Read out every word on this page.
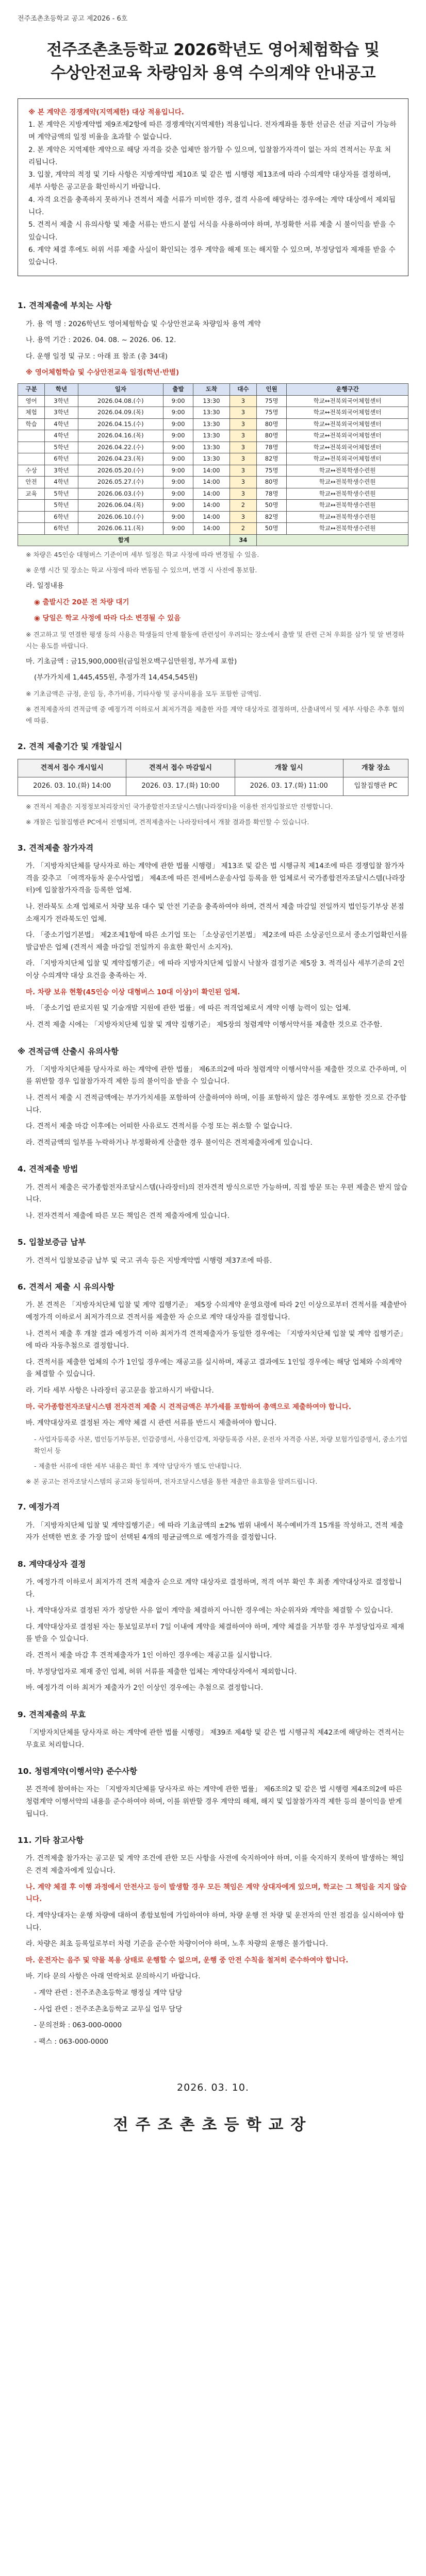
전주조촌초등학교 공고 제2026 - 6호
전주조촌초등학교 2026학년도 영어체험학습 및
수상안전교육 차량임차 용역 수의계약 안내공고
※ 본 계약은 경쟁계약(지역제한) 대상 적용입니다.
1. 본 계약은 지방계약법 제9조제2항에 따른 경쟁계약(지역제한) 적용입니다. 전자계좌를 통한 선금은 선금 지급이 가능하며 계약금액의 일정 비율을 초과할 수 없습니다.
2. 본 계약은 지역제한 계약으로 해당 자격을 갖춘 업체만 참가할 수 있으며, 입찰참가자격이 없는 자의 견적서는 무효 처리됩니다.
3. 입찰, 계약의 적정 및 기타 사항은 지방계약법 제10조 및 같은 법 시행령 제13조에 따라 수의계약 대상자를 결정하며, 세부 사항은 공고문을 확인하시기 바랍니다.
4. 자격 요건을 충족하지 못하거나 견적서 제출 서류가 미비한 경우, 결격 사유에 해당하는 경우에는 계약 대상에서 제외됩니다.
5. 견적서 제출 시 유의사항 및 제출 서류는 반드시 붙임 서식을 사용하여야 하며, 부정확한 서류 제출 시 불이익을 받을 수 있습니다.
6. 계약 체결 후에도 허위 서류 제출 사실이 확인되는 경우 계약을 해제 또는 해지할 수 있으며, 부정당업자 제재를 받을 수 있습니다.
1. 견적제출에 부치는 사항
가. 용 역 명 : 2026학년도 영어체험학습 및 수상안전교육 차량임차 용역 계약
나. 용역 기간 : 2026. 04. 08. ~ 2026. 06. 12.
다. 운행 일정 및 규모 : 아래 표 참조 (총 34대)
※ 영어체험학습 및 수상안전교육 일정(학년·반별)
구분	학년	일자	출발	도착	대수	인원	운행구간
영어	3학년	2026.04.08.(수)	9:00	13:30	3	75명	학교↔전북외국어체험센터
체험	3학년	2026.04.09.(목)	9:00	13:30	3	75명	학교↔전북외국어체험센터
학습	4학년	2026.04.15.(수)	9:00	13:30	3	80명	학교↔전북외국어체험센터
	4학년	2026.04.16.(목)	9:00	13:30	3	80명	학교↔전북외국어체험센터
	5학년	2026.04.22.(수)	9:00	13:30	3	78명	학교↔전북외국어체험센터
	6학년	2026.04.23.(목)	9:00	13:30	3	82명	학교↔전북외국어체험센터
수상	3학년	2026.05.20.(수)	9:00	14:00	3	75명	학교↔전북학생수련원
안전	4학년	2026.05.27.(수)	9:00	14:00	3	80명	학교↔전북학생수련원
교육	5학년	2026.06.03.(수)	9:00	14:00	3	78명	학교↔전북학생수련원
	5학년	2026.06.04.(목)	9:00	14:00	2	50명	학교↔전북학생수련원
	6학년	2026.06.10.(수)	9:00	14:00	3	82명	학교↔전북학생수련원
	6학년	2026.06.11.(목)	9:00	14:00	2	50명	학교↔전북학생수련원
합계					34		
※ 차량은 45인승 대형버스 기준이며 세부 일정은 학교 사정에 따라 변경될 수 있음.
※ 운행 시간 및 장소는 학교 사정에 따라 변동될 수 있으며, 변경 시 사전에 통보함.
라. 일정내용
◉ 출발시간 20분 전 차량 대기
◉ 당일은 학교 사정에 따라 다소 변경될 수 있음
※ 견고하고 및 연결한 평생 등의 사용은 학생들의 안제 활동에 관련성이 우려되는 장소에서 출발 및 관련 근처 우회를 삼가 및 알 변경하시는 용도를 바랍니다.
마. 기초금액 : 금15,900,000원(금일천오백구십만원정, 부가세 포함)
(부가가치세 1,445,455원, 추정가격 14,454,545원)
※ 기초금액은 규정, 운임 등, 추가비용, 기타사항 및 공사비용을 모두 포함한 금액임.
※ 견적제출자의 견적금액 중 예정가격 이하로서 최저가격을 제출한 자를 계약 대상자로 결정하며, 산출내역서 및 세부 사항은 추후 협의에 따름.
2. 견적 제출기간 및 개찰일시
견적서 접수 개시일시	견적서 접수 마감일시	개찰 일시	개찰 장소
2026. 03. 10.(화) 14:00	2026. 03. 17.(화) 10:00	2026. 03. 17.(화) 11:00	입찰집행관 PC
※ 견적서 제출은 지정정보처리장치인 국가종합전자조달시스템(나라장터)을 이용한 전자입찰로만 진행합니다.
※ 개찰은 입찰집행관 PC에서 진행되며, 견적제출자는 나라장터에서 개찰 결과를 확인할 수 있습니다.
3. 견적제출 참가자격
가. 「지방자치단체를 당사자로 하는 계약에 관한 법률 시행령」 제13조 및 같은 법 시행규칙 제14조에 따른 경쟁입찰 참가자격을 갖추고 「여객자동차 운수사업법」 제4조에 따른 전세버스운송사업 등록을 한 업체로서 국가종합전자조달시스템(나라장터)에 입찰참가자격을 등록한 업체.
나. 전라북도 소재 업체로서 차량 보유 대수 및 안전 기준을 충족하여야 하며, 견적서 제출 마감일 전일까지 법인등기부상 본점 소재지가 전라북도인 업체.
다. 「중소기업기본법」 제2조제1항에 따른 소기업 또는 「소상공인기본법」 제2조에 따른 소상공인으로서 중소기업확인서를 발급받은 업체 (견적서 제출 마감일 전일까지 유효한 확인서 소지자).
라. 「지방자치단체 입찰 및 계약집행기준」에 따라 지방자치단체 입찰시 낙찰자 결정기준 제5장 3. 적격심사 세부기준의 2인 이상 수의계약 대상 요건을 충족하는 자.
마. 차량 보유 현황(45인승 이상 대형버스 10대 이상)이 확인된 업체.
바. 「중소기업 판로지원 및 기술개발 지원에 관한 법률」에 따른 적격업체로서 계약 이행 능력이 있는 업체.
사. 견적 제출 시에는 「지방자치단체 입찰 및 계약 집행기준」 제5장의 청렴계약 이행서약서를 제출한 것으로 간주함.
※ 견적금액 산출시 유의사항
가. 「지방자치단체를 당사자로 하는 계약에 관한 법률」 제6조의2에 따라 청렴계약 이행서약서를 제출한 것으로 간주하며, 이를 위반할 경우 입찰참가자격 제한 등의 불이익을 받을 수 있습니다.
나. 견적서 제출 시 견적금액에는 부가가치세를 포함하여 산출하여야 하며, 이를 포함하지 않은 경우에도 포함한 것으로 간주합니다.
다. 견적서 제출 마감 이후에는 어떠한 사유로도 견적서를 수정 또는 취소할 수 없습니다.
라. 견적금액의 일부를 누락하거나 부정확하게 산출한 경우 불이익은 견적제출자에게 있습니다.
4. 견적제출 방법
가. 견적서 제출은 국가종합전자조달시스템(나라장터)의 전자견적 방식으로만 가능하며, 직접 방문 또는 우편 제출은 받지 않습니다.
나. 전자견적서 제출에 따른 모든 책임은 견적 제출자에게 있습니다.
5. 입찰보증금 납부
가. 견적서 입찰보증금 납부 및 국고 귀속 등은 지방계약법 시행령 제37조에 따름.
6. 견적서 제출 시 유의사항
가. 본 견적은 「지방자치단체 입찰 및 계약 집행기준」 제5장 수의계약 운영요령에 따라 2인 이상으로부터 견적서를 제출받아 예정가격 이하로서 최저가격으로 견적서를 제출한 자 순으로 계약 대상자를 결정합니다.
나. 견적서 제출 후 개찰 결과 예정가격 이하 최저가격 견적제출자가 동일한 경우에는 「지방자치단체 입찰 및 계약 집행기준」에 따라 자동추첨으로 결정합니다.
다. 견적서를 제출한 업체의 수가 1인일 경우에는 재공고를 실시하며, 재공고 결과에도 1인일 경우에는 해당 업체와 수의계약을 체결할 수 있습니다.
라. 기타 세부 사항은 나라장터 공고문을 참고하시기 바랍니다.
마. 국가종합전자조달시스템 전자견적 제출 시 견적금액은 부가세를 포함하여 총액으로 제출하여야 합니다.
바. 계약대상자로 결정된 자는 계약 체결 시 관련 서류를 반드시 제출하여야 합니다.
- 사업자등록증 사본, 법인등기부등본, 인감증명서, 사용인감계, 차량등록증 사본, 운전자 자격증 사본, 차량 보험가입증명서, 중소기업확인서 등
- 제출한 서류에 대한 세부 내용은 확인 후 계약 담당자가 별도 안내합니다.
※ 본 공고는 전자조달시스템의 공고와 동일하며, 전자조달시스템을 통한 제출만 유효함을 알려드립니다.
7. 예정가격
가. 「지방자치단체 입찰 및 계약집행기준」에 따라 기초금액의 ±2% 범위 내에서 복수예비가격 15개를 작성하고, 견적 제출자가 선택한 번호 중 가장 많이 선택된 4개의 평균금액으로 예정가격을 결정합니다.
8. 계약대상자 결정
가. 예정가격 이하로서 최저가격 견적 제출자 순으로 계약 대상자로 결정하며, 적격 여부 확인 후 최종 계약대상자로 결정합니다.
나. 계약대상자로 결정된 자가 정당한 사유 없이 계약을 체결하지 아니한 경우에는 차순위자와 계약을 체결할 수 있습니다.
다. 계약대상자로 결정된 자는 통보일로부터 7일 이내에 계약을 체결하여야 하며, 계약 체결을 거부할 경우 부정당업자로 제재를 받을 수 있습니다.
라. 견적서 제출 마감 후 견적제출자가 1인 이하인 경우에는 재공고를 실시합니다.
마. 부정당업자로 제재 중인 업체, 허위 서류를 제출한 업체는 계약대상자에서 제외합니다.
바. 예정가격 이하 최저가 제출자가 2인 이상인 경우에는 추첨으로 결정합니다.
9. 견적제출의 무효
「지방자치단체를 당사자로 하는 계약에 관한 법률 시행령」 제39조 제4항 및 같은 법 시행규칙 제42조에 해당하는 견적서는 무효로 처리합니다.
10. 청렴계약(이행서약) 준수사항
본 견적에 참여하는 자는 「지방자치단체를 당사자로 하는 계약에 관한 법률」 제6조의2 및 같은 법 시행령 제4조의2에 따른 청렴계약 이행서약의 내용을 준수하여야 하며, 이를 위반할 경우 계약의 해제, 해지 및 입찰참가자격 제한 등의 불이익을 받게 됩니다.
11. 기타 참고사항
가. 견적제출 참가자는 공고문 및 계약 조건에 관한 모든 사항을 사전에 숙지하여야 하며, 이를 숙지하지 못하여 발생하는 책임은 견적 제출자에게 있습니다.
나. 계약 체결 후 이행 과정에서 안전사고 등이 발생할 경우 모든 책임은 계약 상대자에게 있으며, 학교는 그 책임을 지지 않습니다.
다. 계약상대자는 운행 차량에 대하여 종합보험에 가입하여야 하며, 차량 운행 전 차량 및 운전자의 안전 점검을 실시하여야 합니다.
라. 차량은 최초 등록일로부터 차령 기준을 준수한 차량이어야 하며, 노후 차량의 운행은 불가합니다.
마. 운전자는 음주 및 약물 복용 상태로 운행할 수 없으며, 운행 중 안전 수칙을 철저히 준수하여야 합니다.
바. 기타 문의 사항은 아래 연락처로 문의하시기 바랍니다.
- 계약 관련 : 전주조촌초등학교 행정실 계약 담당
- 사업 관련 : 전주조촌초등학교 교무실 업무 담당
- 문의전화 : 063-000-0000
- 팩스 : 063-000-0000
2026. 03. 10.
전주조촌초등학교장
